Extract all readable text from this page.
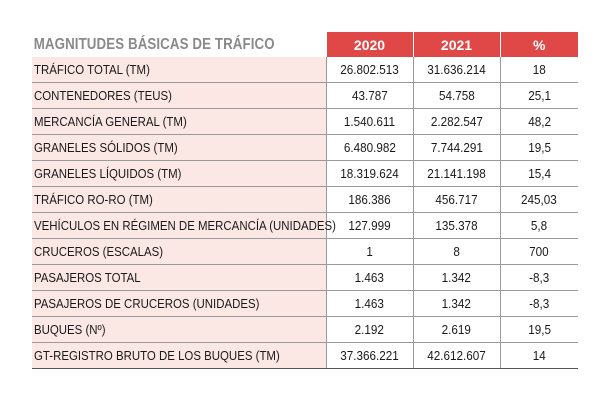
MAGNITUDES BÁSICAS DE TRÁFICO	2020	2021	%
TRÁFICO TOTAL (TM)	26.802.513	31.636.214	18
CONTENEDORES (TEUS)	43.787	54.758	25,1
MERCANCÍA GENERAL (TM)	1.540.611	2.282.547	48,2
GRANELES SÓLIDOS (TM)	6.480.982	7.744.291	19,5
GRANELES LÍQUIDOS (TM)	18.319.624	21.141.198	15,4
TRÁFICO RO-RO (TM)	186.386	456.717	245,03
VEHÍCULOS EN RÉGIMEN DE MERCANCÍA (UNIDADES)	127.999	135.378	5,8
CRUCEROS (ESCALAS)	1	8	700
PASAJEROS TOTAL	1.463	1.342	-8,3
PASAJEROS DE CRUCEROS (UNIDADES)	1.463	1.342	-8,3
BUQUES (Nº)	2.192	2.619	19,5
GT-REGISTRO BRUTO DE LOS BUQUES (TM)	37.366.221	42.612.607	14
